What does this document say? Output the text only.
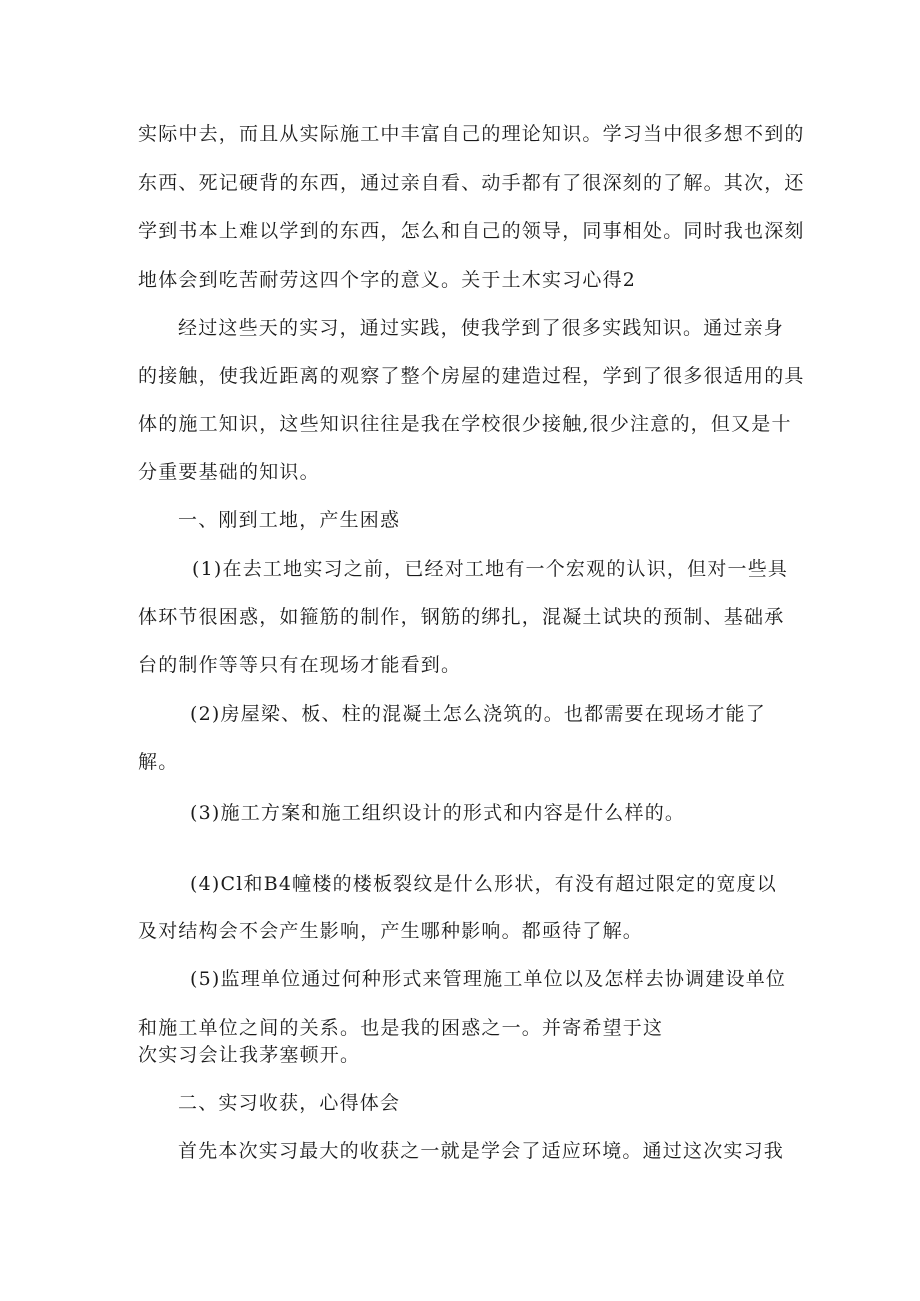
实际中去，而且从实际施工中丰富自己的理论知识。学习当中很多想不到的
东西、死记硬背的东西，通过亲自看、动手都有了很深刻的了解。其次，还
学到书本上难以学到的东西，怎么和自己的领导，同事相处。同时我也深刻
地体会到吃苦耐劳这四个字的意义。关于土木实习心得2
经过这些天的实习，通过实践，使我学到了很多实践知识。通过亲身
的接触，使我近距离的观察了整个房屋的建造过程，学到了很多很适用的具
体的施工知识，这些知识往往是我在学校很少接触,很少注意的，但又是十
分重要基础的知识。
一、刚到工地，产生困惑
(1)在去工地实习之前，已经对工地有一个宏观的认识，但对一些具
体环节很困惑，如箍筋的制作，钢筋的绑扎，混凝土试块的预制、基础承
台的制作等等只有在现场才能看到。
(2)房屋梁、板、柱的混凝土怎么浇筑的。也都需要在现场才能了
解。
(3)施工方案和施工组织设计的形式和内容是什么样的。
(4)Cl和B4幢楼的楼板裂纹是什么形状，有没有超过限定的宽度以
及对结构会不会产生影响，产生哪种影响。都亟待了解。
(5)监理单位通过何种形式来管理施工单位以及怎样去协调建设单位
和施工单位之间的关系。也是我的困惑之一。并寄希望于这
次实习会让我茅塞顿开。
二、实习收获，心得体会
首先本次实习最大的收获之一就是学会了适应环境。通过这次实习我
